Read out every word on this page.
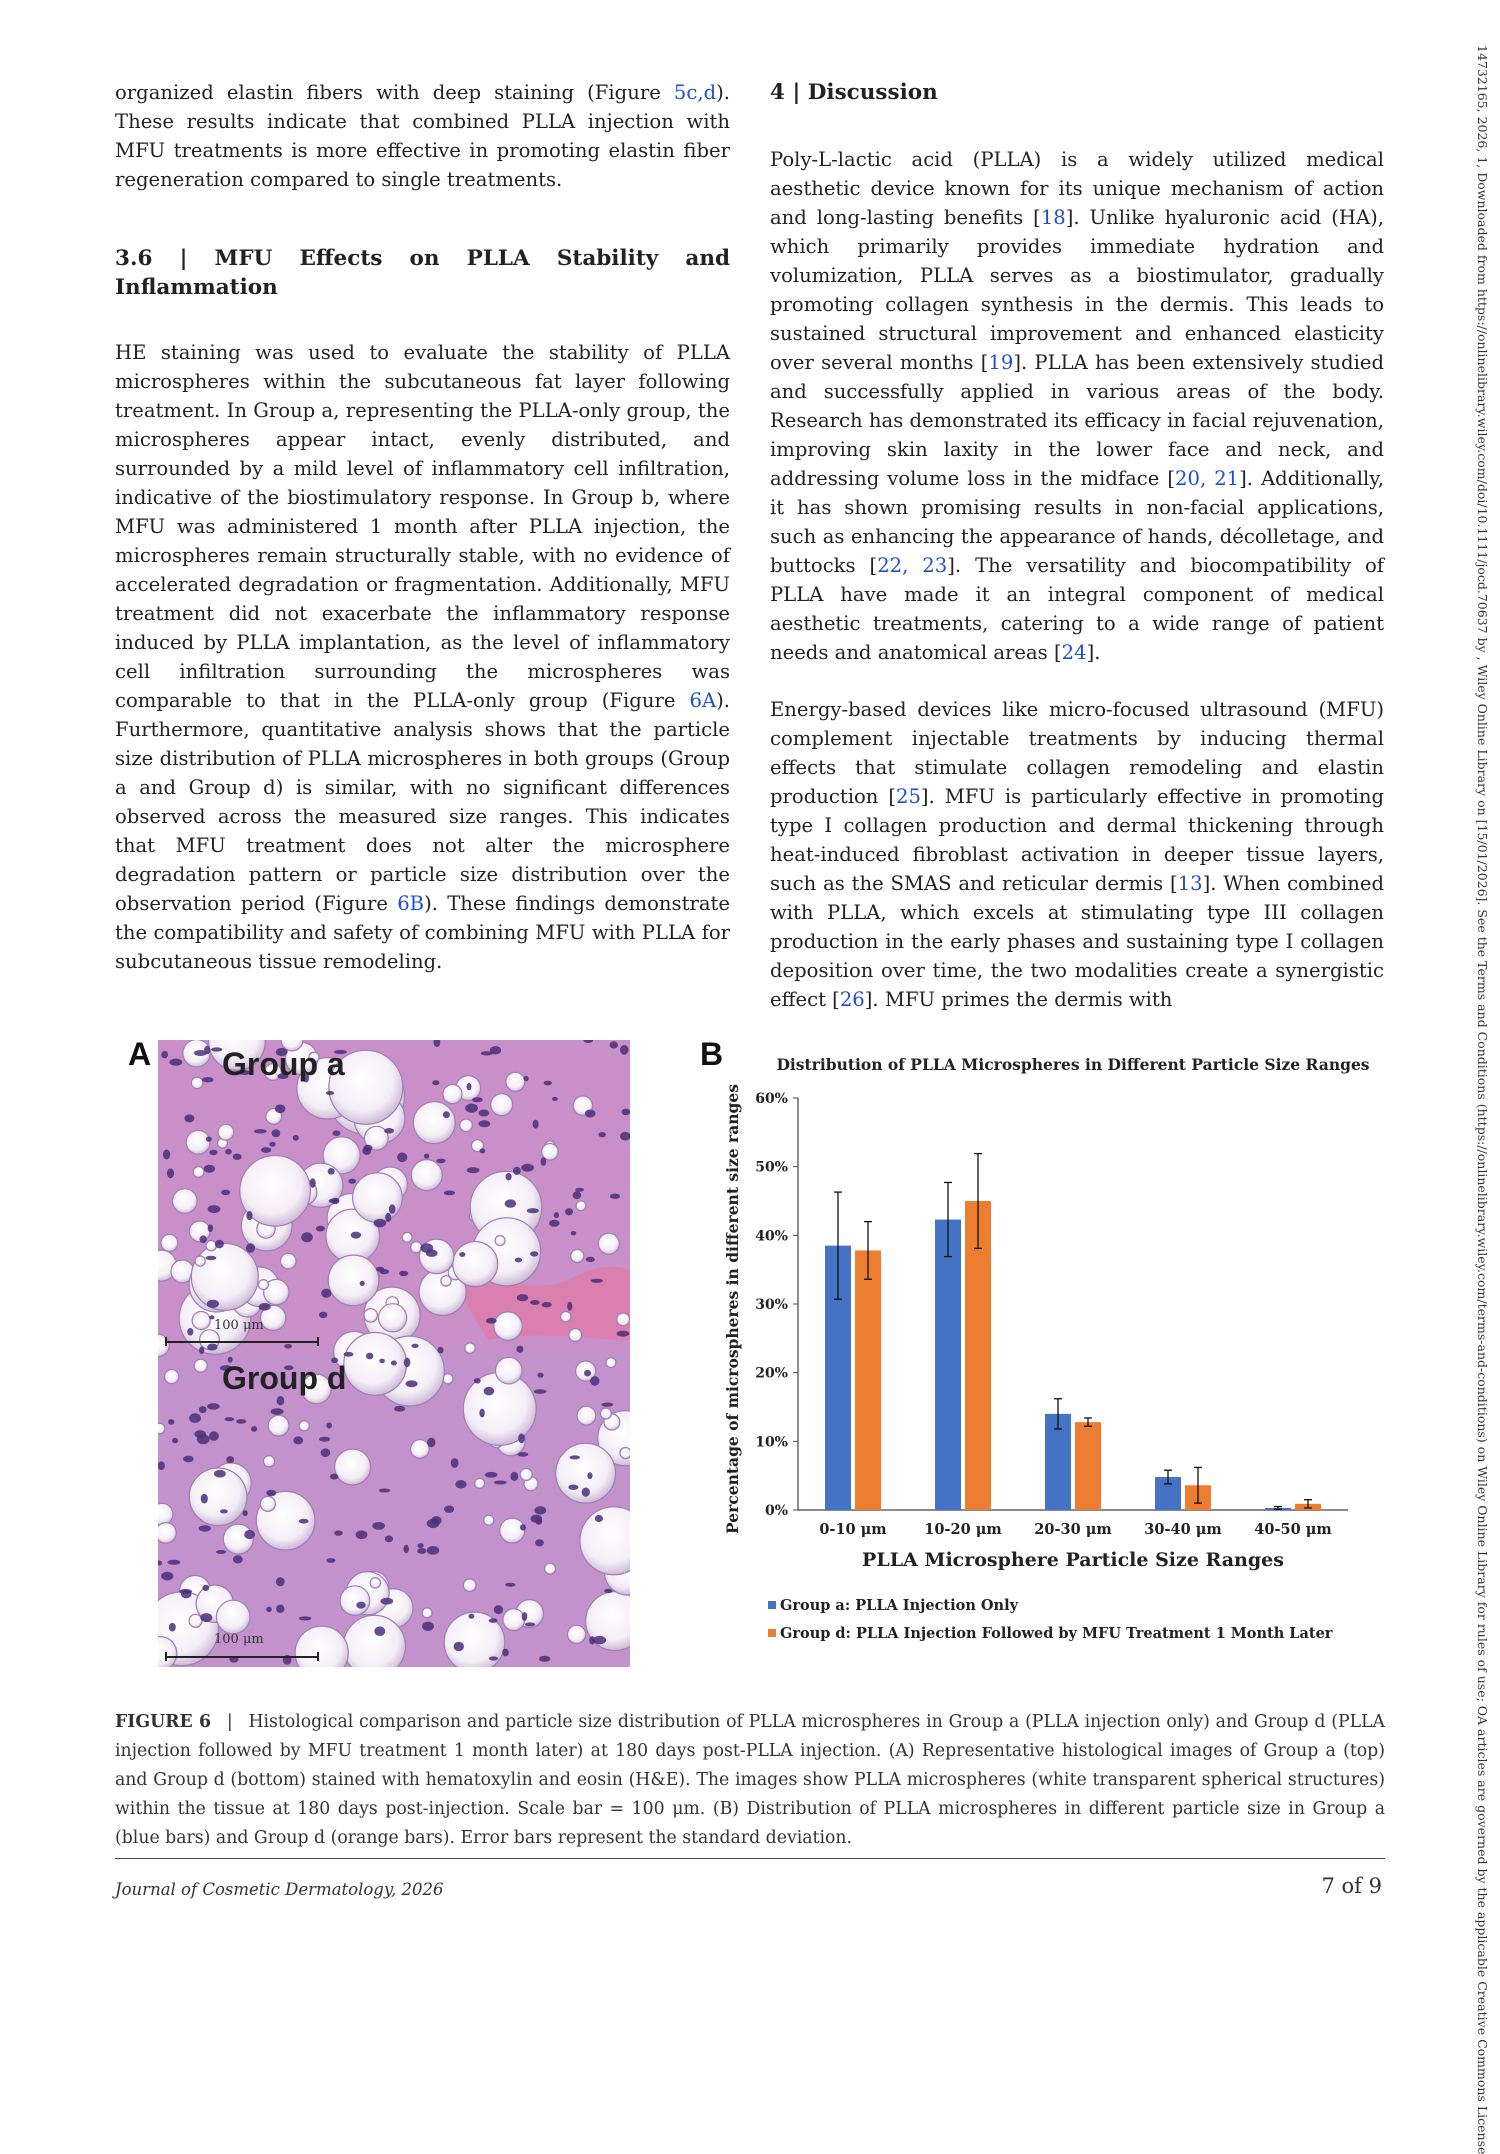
14732165, 2026, 1, Downloaded from https://onlinelibrary.wiley.com/doi/10.1111/jocd.70637 by , Wiley Online Library on [15/01/2026]. See the Terms and Conditions (https://onlinelibrary.wiley.com/terms-and-conditions) on Wiley Online Library for rules of use; OA articles are governed by the applicable Creative Commons License

organized elastin fibers with deep staining (Figure 5c,d). These results indicate that combined PLLA injection with MFU treatments is more effective in promoting elastin fiber regeneration compared to single treatments.

3.6 | MFU Effects on PLLA Stability and Inflammation

HE staining was used to evaluate the stability of PLLA microspheres within the subcutaneous fat layer following treatment. In Group a, representing the PLLA-only group, the microspheres appear intact, evenly distributed, and surrounded by a mild level of inflammatory cell infiltration, indicative of the biostimulatory response. In Group b, where MFU was administered 1 month after PLLA injection, the microspheres remain structurally stable, with no evidence of accelerated degradation or fragmentation. Additionally, MFU treatment did not exacerbate the inflammatory response induced by PLLA implantation, as the level of inflammatory cell infiltration surrounding the microspheres was comparable to that in the PLLA-only group (Figure 6A). Furthermore, quantitative analysis shows that the particle size distribution of PLLA microspheres in both groups (Group a and Group d) is similar, with no significant differences observed across the measured size ranges. This indicates that MFU treatment does not alter the microsphere degradation pattern or particle size distribution over the observation period (Figure 6B). These findings demonstrate the compatibility and safety of combining MFU with PLLA for subcutaneous tissue remodeling.

4 | Discussion

Poly-L-lactic acid (PLLA) is a widely utilized medical aesthetic device known for its unique mechanism of action and long-lasting benefits [18]. Unlike hyaluronic acid (HA), which primarily provides immediate hydration and volumization, PLLA serves as a biostimulator, gradually promoting collagen synthesis in the dermis. This leads to sustained structural improvement and enhanced elasticity over several months [19]. PLLA has been extensively studied and successfully applied in various areas of the body. Research has demonstrated its efficacy in facial rejuvenation, improving skin laxity in the lower face and neck, and addressing volume loss in the midface [20, 21]. Additionally, it has shown promising results in non-facial applications, such as enhancing the appearance of hands, décolletage, and buttocks [22, 23]. The versatility and biocompatibility of PLLA have made it an integral component of medical aesthetic treatments, catering to a wide range of patient needs and anatomical areas [24].

Energy-based devices like micro-focused ultrasound (MFU) complement injectable treatments by inducing thermal effects that stimulate collagen remodeling and elastin production [25]. MFU is particularly effective in promoting type I collagen production and dermal thickening through heat-induced fibroblast activation in deeper tissue layers, such as the SMAS and reticular dermis [13]. When combined with PLLA, which excels at stimulating type III collagen production in the early phases and sustaining type I collagen deposition over time, the two modalities create a synergistic effect [26]. MFU primes the dermis with

A Group a
Group d
100 μm
100 μm
B	Distribution of PLLA Microspheres in Different Particle Size Ranges
0%
10%
20%
30%
40%
50%
60%
Percentage of microspheres in different size ranges	0-10 μm	10-20 μm 20-30 μm 30-40 μm 40-50 μm
PLLA Microsphere Particle Size Ranges
Group a: PLLA Injection Only
Group d: PLLA Injection Followed by MFU Treatment 1 Month Later
FIGURE 6 | Histological comparison and particle size distribution of PLLA microspheres in Group a (PLLA injection only) and Group d (PLLA injection followed by MFU treatment 1 month later) at 180 days post-PLLA injection. (A) Representative histological images of Group a (top) and Group d (bottom) stained with hematoxylin and eosin (H&E). The images show PLLA microspheres (white transparent spherical structures) within the tissue at 180 days post-injection. Scale bar = 100 μm. (B) Distribution of PLLA microspheres in different particle size in Group a (blue bars) and Group d (orange bars). Error bars represent the standard deviation.
Journal of Cosmetic Dermatology, 2026	7 of 9
